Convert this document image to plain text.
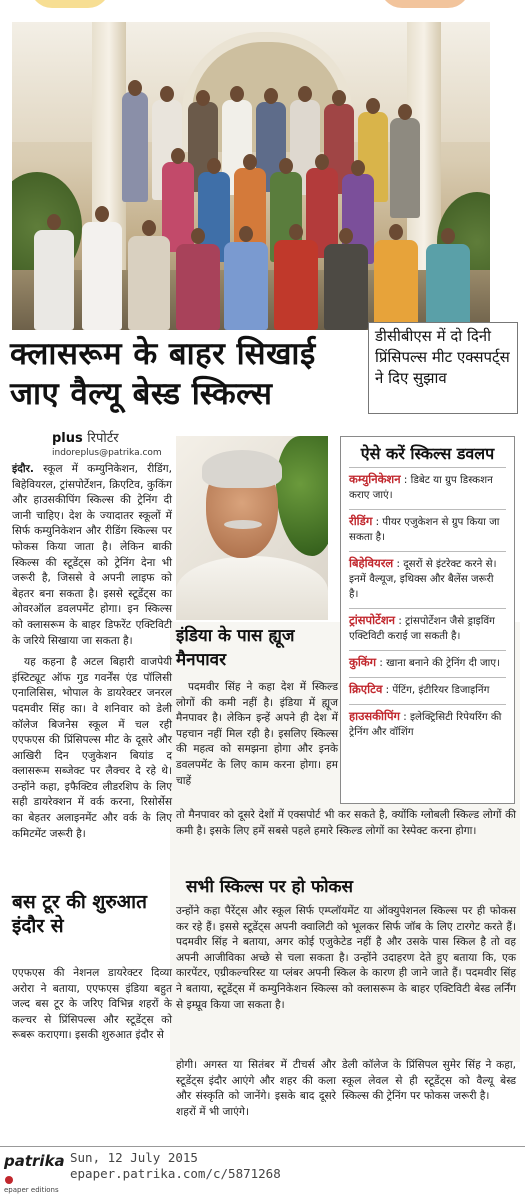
क्लासरूम के बाहर सिखाई जाए वैल्यू बेस्ड स्किल्स

डीसीबीएस में दो दिनी प्रिंसिपल्स मीट एक्सपर्ट्स ने दिए सुझाव

plus रिपोर्टर
indoreplus@patrika.com

इंदौर. स्कूल में कम्युनिकेशन, रीडिंग, बिहेवियरल, ट्रांसपोर्टेशन, क्रिएटिव, कुकिंग और हाउसकीपिंग स्किल्स की ट्रेनिंग दी जानी चाहिए। देश के ज्यादातर स्कूलों में सिर्फ कम्युनिकेशन और रीडिंग स्किल्स पर फोकस किया जाता है। लेकिन बाकी स्किल्स की स्टूडेंट्स को ट्रेनिंग देना भी जरूरी है, जिससे वे अपनी लाइफ को बेहतर बना सकता है। इससे स्टूडेंट्स का ओवरऑल डवलपमेंट होगा। इन स्किल्स को क्लासरूम के बाहर डिफरेंट एक्टिविटी के जरिये सिखाया जा सकता है।

यह कहना है अटल बिहारी वाजपेयी इंस्टिट्यूट ऑफ गुड गवर्नेंस एंड पॉलिसी एनालिसिस, भोपाल के डायरेक्टर जनरल पदमवीर सिंह का। वे शनिवार को डेली कॉलेज बिजनेस स्कूल में चल रही एएफएस की प्रिंसिपल्स मीट के दूसरे और आखिरी दिन एजुकेशन बियांड द क्लासरूम सब्जेक्ट पर लैक्चर दे रहे थे। उन्होंने कहा, इफैक्टिव लीडरशिप के लिए सही डायरेक्शन में वर्क करना, रिसोर्सेस का बेहतर अलाइनमेंट और वर्क के लिए कमिटमेंट जरूरी है।

बस टूर की शुरुआत इंदौर से
एएफएस की नेशनल डायरेक्टर दिव्या अरोरा ने बताया, एएफएस इंडिया बहुत जल्द बस टूर के जरिए विभिन्न शहरों के कल्चर से प्रिंसिपल्स और स्टूडेंट्स को रूबरू कराएगा। इसकी शुरुआत इंदौर से
इंडिया के पास ह्यूज मैनपावर

पदमवीर सिंह ने कहा देश में स्किल्ड लोगों की कमी नहीं है। इंडिया में ह्यूज मैनपावर है। लेकिन इन्हें अपने ही देश में पहचान नहीं मिल रही है। इसलिए स्किल्स की महत्व को समझना होगा और इनके डवलपमेंट के लिए काम करना होगा। हम चाहें

ऐसे करें स्किल्स डवलप
कम्युनिकेशन : डिबेट या ग्रुप डिस्कशन कराए जाएं।
रीडिंग : पीयर एजुकेशन से ग्रुप किया जा सकता है।
बिहेवियरल : दूसरों से इंटरेक्ट करने से। इनमें वैल्यूज, इथिक्स और बैलेंस जरूरी है।
ट्रांसपोर्टेशन : ट्रांसपोर्टेशन जैसे ड्राइविंग एक्टिविटी कराई जा सकती है।
कुकिंग : खाना बनाने की ट्रेनिंग दी जाए।
क्रिएटिव : पेंटिंग, इंटीरियर डिजाइनिंग
हाउसकीपिंग : इलेक्ट्रिसिटी रिपेयरिंग की ट्रेनिंग और वॉशिंग
तो मैनपावर को दूसरे देशों में एक्सपोर्ट भी कर सकते है, क्योंकि ग्लोबली स्किल्ड लोगों की कमी है। इसके लिए हमें सबसे पहले हमारे स्किल्ड लोगों का रेस्पेक्ट करना होगा।
सभी स्किल्स पर हो फोकस
उन्होंने कहा पैरेंट्स और स्कूल सिर्फ एम्प्लॉयमेंट या ऑक्युपेशनल स्किल्स पर ही फोकस कर रहे हैं। इससे स्टूडेंट्स अपनी क्वालिटी को भूलकर सिर्फ जॉब के लिए टारगेट करते हैं। पदमवीर सिंह ने बताया, अगर कोई एजुकेटेड नहीं है और उसके पास स्किल है तो वह अपनी आजीविका अच्छे से चला सकता है। उन्होंने उदाहरण देते हुए बताया कि, एक कारपेंटर, एग्रीकल्चरिस्ट या प्लंबर अपनी स्किल के कारण ही जाने जाते हैं। पदमवीर सिंह ने बताया, स्टूडेंट्स में कम्युनिकेशन स्किल्स को क्लासरूम के बाहर एक्टिविटी बेस्ड लर्निंग से इम्प्रूव किया जा सकता है।
होगी। अगस्त या सितंबर में टीचर्स और स्टूडेंट्स इंदौर आएंगे और शहर की कला और संस्कृति को जानेंगे। इसके बाद दूसरे शहरों में भी जाएंगे।
डेली कॉलेज के प्रिंसिपल सुमेर सिंह ने कहा, स्कूल लेवल से ही स्टूडेंट्स को वैल्यू बेस्ड स्किल्स की ट्रेनिंग पर फोकस जरूरी है।
patrika
epaper editions
Sun, 12 July 2015
epaper.patrika.com/c/5871268
